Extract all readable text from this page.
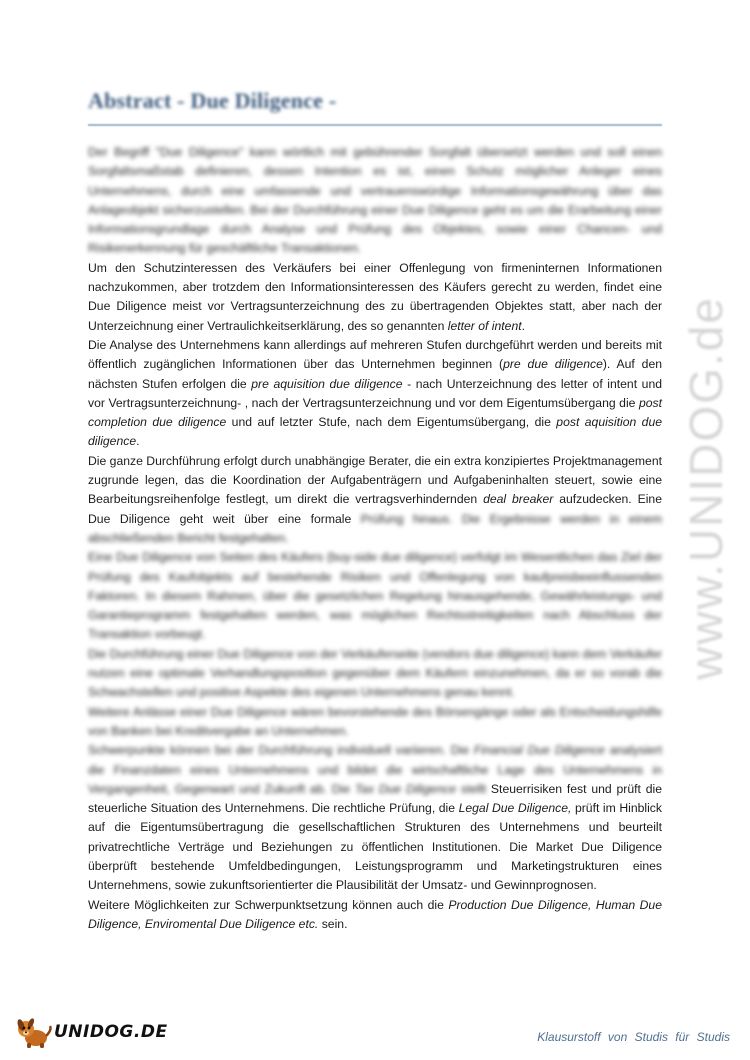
Abstract - Due Diligence -

Der Begriff "Due Diligence" kann wörtlich mit gebührender Sorgfalt übersetzt werden und soll einen Sorgfaltsmaßstab definieren, dessen Intention es ist, einen Schutz möglicher Anleger eines Unternehmens, durch eine umfassende und vertrauenswürdige Informationsgewährung über das Anlageobjekt sicherzustellen. Bei der Durchführung einer Due Diligence geht es um die Erarbeitung einer Informationsgrundlage durch Analyse und Prüfung des Objektes, sowie einer Chancen- und Risikenerkennung für geschäftliche Transaktionen.

Um den Schutzinteressen des Verkäufers bei einer Offenlegung von firmeninternen Informationen nachzukommen, aber trotzdem den Informationsinteressen des Käufers gerecht zu werden, findet eine Due Diligence meist vor Vertragsunterzeichnung des zu übertragenden Objektes statt, aber nach der Unterzeichnung einer Vertraulichkeitserklärung, des so genannten letter of intent.

Die Analyse des Unternehmens kann allerdings auf mehreren Stufen durchgeführt werden und bereits mit öffentlich zugänglichen Informationen über das Unternehmen beginnen (pre due diligence). Auf den nächsten Stufen erfolgen die pre aquisition due diligence - nach Unterzeichnung des letter of intent und vor Vertragsunterzeichnung- , nach der Vertragsunterzeichnung und vor dem Eigentumsübergang die post completion due diligence und auf letzter Stufe, nach dem Eigentumsübergang, die post aquisition due diligence.

Die ganze Durchführung erfolgt durch unabhängige Berater, die ein extra konzipiertes Projektmanagement zugrunde legen, das die Koordination der Aufgabenträgern und Aufgabeninhalten steuert, sowie eine Bearbeitungsreihenfolge festlegt, um direkt die vertragsverhindernden deal breaker aufzudecken. Eine Due Diligence geht weit über eine formale Prüfung hinaus. Die Ergebnisse werden in einem abschließenden Bericht festgehalten.

Eine Due Diligence von Seiten des Käufers (buy-side due diligence) verfolgt im Wesentlichen das Ziel der Prüfung des Kaufobjekts auf bestehende Risiken und Offenlegung von kaufpreisbeeinflussenden Faktoren. In diesem Rahmen, über die gesetzlichen Regelung hinausgehende, Gewährleistungs- und Garantieprogramm festgehalten werden, was möglichen Rechtsstreitigkeiten nach Abschluss der Transaktion vorbeugt.

Die Durchführung einer Due Diligence von der Verkäuferseite (vendors due diligence) kann dem Verkäufer nutzen eine optimale Verhandlungsposition gegenüber dem Käufern einzunehmen, da er so vorab die Schwachstellen und positive Aspekte des eigenen Unternehmens genau kennt.

Weitere Anlässe einer Due Diligence wären bevorstehende des Börsengänge oder als Entscheidungshilfe von Banken bei Kreditvergabe an Unternehmen.

Schwerpunkte können bei der Durchführung individuell variieren. Die Financial Due Diligence analysiert die Finanzdaten eines Unternehmens und bildet die wirtschaftliche Lage des Unternehmens in Vergangenheit, Gegenwart und Zukunft ab. Die Tax Due Diligence stellt Steuerrisiken fest und prüft die steuerliche Situation des Unternehmens. Die rechtliche Prüfung, die Legal Due Diligence, prüft im Hinblick auf die Eigentumsübertragung die gesellschaftlichen Strukturen des Unternehmens und beurteilt privatrechtliche Verträge und Beziehungen zu öffentlichen Institutionen. Die Market Due Diligence überprüft bestehende Umfeldbedingungen, Leistungsprogramm und Marketingstrukturen eines Unternehmens, sowie zukunftsorientierter die Plausibilität der Umsatz- und Gewinnprognosen.

Weitere Möglichkeiten zur Schwerpunktsetzung können auch die Production Due Diligence, Human Due Diligence, Enviromental Due Diligence etc. sein.

www.UNIDOG.de
UNIDOG.DE	Klausurstoff von Studis für Studis
